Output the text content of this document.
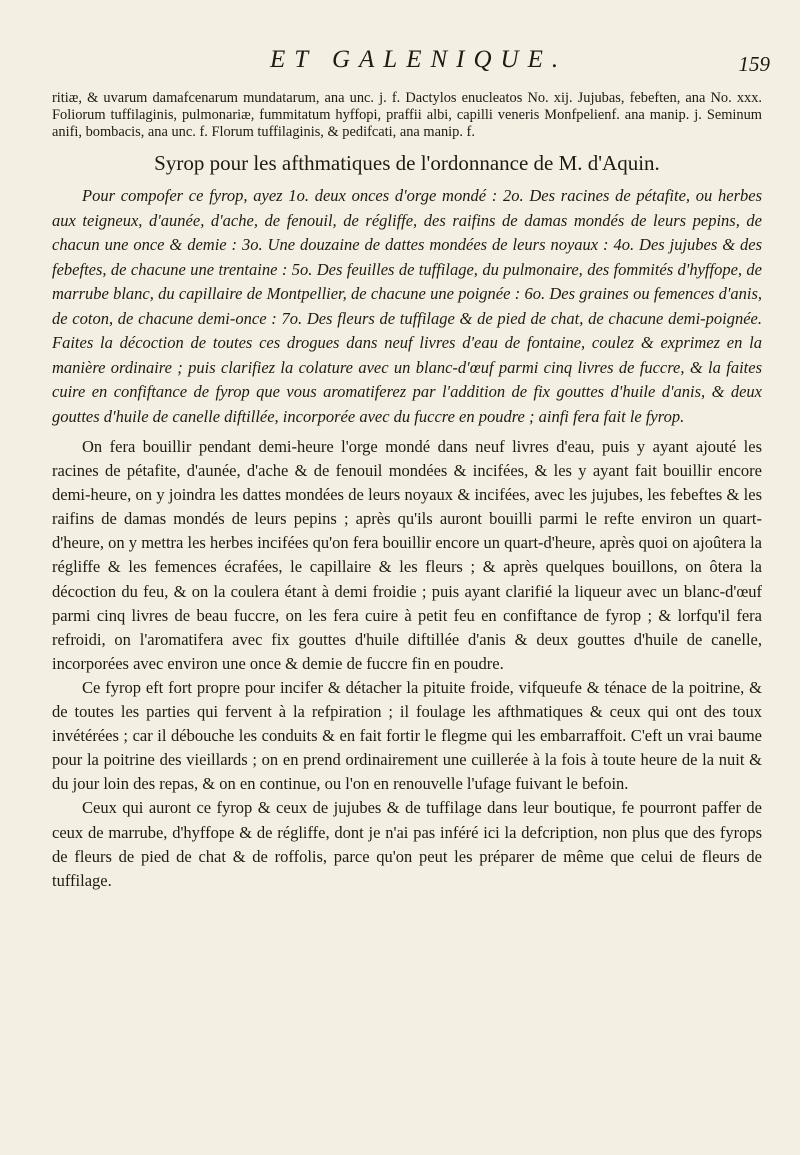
ET GALENIQUE.	159

ritiæ, & uvarum damafcenarum mundatarum, ana unc. j. f. Dactylos enucleatos No. xij. Jujubas, febeften, ana No. xxx. Foliorum tuffilaginis, pulmonariæ, fummitatum hyffopi, praffii albi, capilli veneris Monfpelienf. ana manip. j. Seminum anifi, bombacis, ana unc. f. Florum tuffilaginis, & pedifcati, ana manip. f.

Syrop pour les afthmatiques de l'ordonnance de M. d'Aquin.

Pour compofer ce fyrop, ayez 1o. deux onces d'orge mondé : 2o. Des racines de pétafite, ou herbes aux teigneux, d'aunée, d'ache, de fenouil, de régliffe, des raifins de damas mondés de leurs pepins, de chacun une once & demie : 3o. Une douzaine de dattes mondées de leurs noyaux : 4o. Des jujubes & des febeftes, de chacune une trentaine : 5o. Des feuilles de tuffilage, du pulmonaire, des fommités d'hyffope, de marrube blanc, du capillaire de Montpellier, de chacune une poignée : 6o. Des graines ou femences d'anis, de coton, de chacune demi-once : 7o. Des fleurs de tuffilage & de pied de chat, de chacune demi-poignée. Faites la décoction de toutes ces drogues dans neuf livres d'eau de fontaine, coulez & exprimez en la manière ordinaire ; puis clarifiez la colature avec un blanc-d'œuf parmi cinq livres de fuccre, & la faites cuire en confiftance de fyrop que vous aromatiferez par l'addition de fix gouttes d'huile d'anis, & deux gouttes d'huile de canelle diftillée, incorporée avec du fuccre en poudre ; ainfi fera fait le fyrop.

On fera bouillir pendant demi-heure l'orge mondé dans neuf livres d'eau, puis y ayant ajouté les racines de pétafite, d'aunée, d'ache & de fenouil mondées & incifées, & les y ayant fait bouillir encore demi-heure, on y joindra les dattes mondées de leurs noyaux & incifées, avec les jujubes, les febeftes & les raifins de damas mondés de leurs pepins ; après qu'ils auront bouilli parmi le refte environ un quart-d'heure, on y mettra les herbes incifées qu'on fera bouillir encore un quart-d'heure, après quoi on ajoûtera la régliffe & les femences écrafées, le capillaire & les fleurs ; & après quelques bouillons, on ôtera la décoction du feu, & on la coulera étant à demi froidie ; puis ayant clarifié la liqueur avec un blanc-d'œuf parmi cinq livres de beau fuccre, on les fera cuire à petit feu en confiftance de fyrop ; & lorfqu'il fera refroidi, on l'aromatifera avec fix gouttes d'huile diftillée d'anis & deux gouttes d'huile de canelle, incorporées avec environ une once & demie de fuccre fin en poudre.

Ce fyrop eft fort propre pour incifer & détacher la pituite froide, vifqueufe & ténace de la poitrine, & de toutes les parties qui fervent à la refpiration ; il foulage les afthmatiques & ceux qui ont des toux invétérées ; car il débouche les conduits & en fait fortir le flegme qui les embarraffoit. C'eft un vrai baume pour la poitrine des vieillards ; on en prend ordinairement une cuillerée à la fois à toute heure de la nuit & du jour loin des repas, & on en continue, ou l'on en renouvelle l'ufage fuivant le befoin.

Ceux qui auront ce fyrop & ceux de jujubes & de tuffilage dans leur boutique, fe pourront paffer de ceux de marrube, d'hyffope & de régliffe, dont je n'ai pas inféré ici la defcription, non plus que des fyrops de fleurs de pied de chat & de roffolis, parce qu'on peut les préparer de même que celui de fleurs de tuffilage.
